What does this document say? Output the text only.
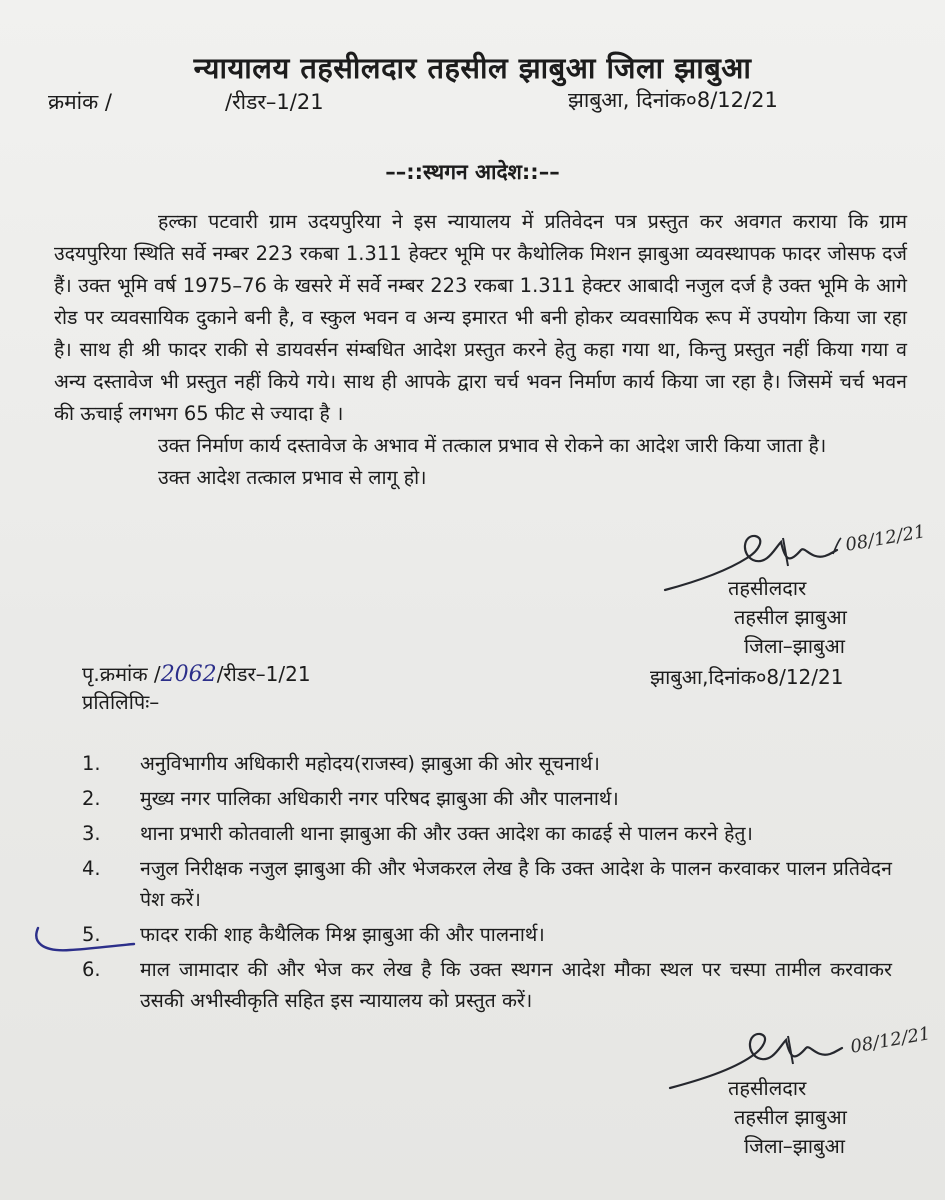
न्यायालय तहसीलदार तहसील झाबुआ जिला झाबुआ
क्रमांक /	/रीडर–1/21	झाबुआ, दिनांक०8/12/21
––::स्थगन आदेश::––

हल्का पटवारी ग्राम उदयपुरिया ने इस न्यायालय में प्रतिवेदन पत्र प्रस्तुत कर अवगत कराया कि ग्राम उदयपुरिया स्थिति सर्वे नम्बर 223 रकबा 1.311 हेक्टर भूमि पर कैथोलिक मिशन झाबुआ व्यवस्थापक फादर जोसफ दर्ज हैं। उक्त भूमि वर्ष 1975–76 के खसरे में सर्वे नम्बर 223 रकबा 1.311 हेक्टर आबादी नजुल दर्ज है उक्त भूमि के आगे रोड पर व्यवसायिक दुकाने बनी है, व स्कुल भवन व अन्य इमारत भी बनी होकर व्यवसायिक रूप में उपयोग किया जा रहा है। साथ ही श्री फादर राकी से डायवर्सन संम्बधित आदेश प्रस्तुत करने हेतु कहा गया था, किन्तु प्रस्तुत नहीं किया गया व अन्य दस्तावेज भी प्रस्तुत नहीं किये गये। साथ ही आपके द्वारा चर्च भवन निर्माण कार्य किया जा रहा है। जिसमें चर्च भवन की ऊचाई लगभग 65 फीट से ज्यादा है ।

उक्त निर्माण कार्य दस्तावेज के अभाव में तत्काल प्रभाव से रोकने का आदेश जारी किया जाता है।

उक्त आदेश तत्काल प्रभाव से लागू हो।

08/12/21
तहसीलदार
तहसील झाबुआ
जिला–झाबुआ
पृ.क्रमांक /2062/रीडर–1/21	झाबुआ,दिनांक०8/12/21
प्रतिलिपिः–
1.	अनुविभागीय अधिकारी महोदय(राजस्व) झाबुआ की ओर सूचनार्थ।
2.	मुख्य नगर पालिका अधिकारी नगर परिषद झाबुआ की और पालनार्थ।
3.	थाना प्रभारी कोतवाली थाना झाबुआ की और उक्त आदेश का काढई से पालन करने हेतु।
4.	नजुल निरीक्षक नजुल झाबुआ की और भेजकरल लेख है कि उक्त आदेश के पालन करवाकर पालन प्रतिवेदन पेश करें।
5.	फादर राकी शाह कैथैलिक मिश्न झाबुआ की और पालनार्थ।
6.	माल जामादार की और भेज कर लेख है कि उक्त स्थगन आदेश मौका स्थल पर चस्पा तामील करवाकर उसकी अभीस्वीकृति सहित इस न्यायालय को प्रस्तुत करें।
08/12/21
तहसीलदार
तहसील झाबुआ
जिला–झाबुआ
